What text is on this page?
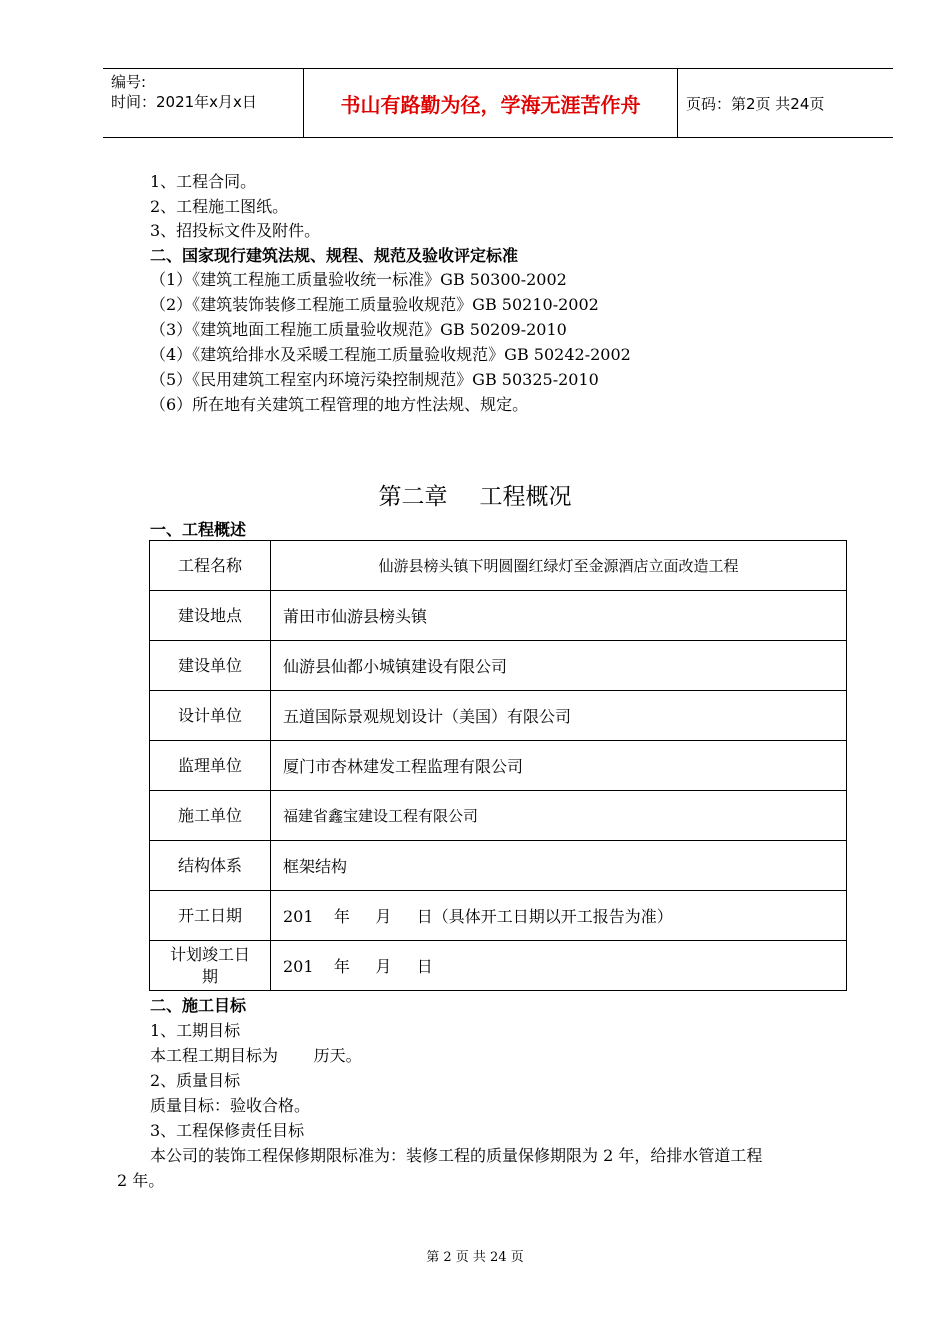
编号:
时间：2021年x月x日	书山有路勤为径，学海无涯苦作舟	页码：第2页 共24页
1、工程合同。
2、工程施工图纸。
3、招投标文件及附件。
二、国家现行建筑法规、规程、规范及验收评定标准
（1）《建筑工程施工质量验收统一标准》GB 50300-2002
（2）《建筑装饰装修工程施工质量验收规范》GB 50210-2002
（3）《建筑地面工程施工质量验收规范》GB 50209-2010
（4）《建筑给排水及采暖工程施工质量验收规范》GB 50242-2002
（5）《民用建筑工程室内环境污染控制规范》GB 50325-2010
（6）所在地有关建筑工程管理的地方性法规、规定。
第二章 工程概况
一、工程概述
工程名称	仙游县榜头镇下明圆圈红绿灯至金源酒店立面改造工程
建设地点	莆田市仙游县榜头镇
建设单位	仙游县仙都小城镇建设有限公司
设计单位	五道国际景观规划设计（美国）有限公司
监理单位	厦门市杏林建发工程监理有限公司
施工单位	福建省鑫宝建设工程有限公司
结构体系	框架结构
开工日期	201    年     月     日（具体开工日期以开工报告为准）

计划竣工日
期	201    年     月     日
二、施工目标
1、工期目标
本工程工期目标为       历天。
2、质量目标
质量目标：验收合格。
3、工程保修责任目标
本公司的装饰工程保修期限标准为：装修工程的质量保修期限为 2 年，给排水管道工程
2 年。
第 2 页 共 24 页
